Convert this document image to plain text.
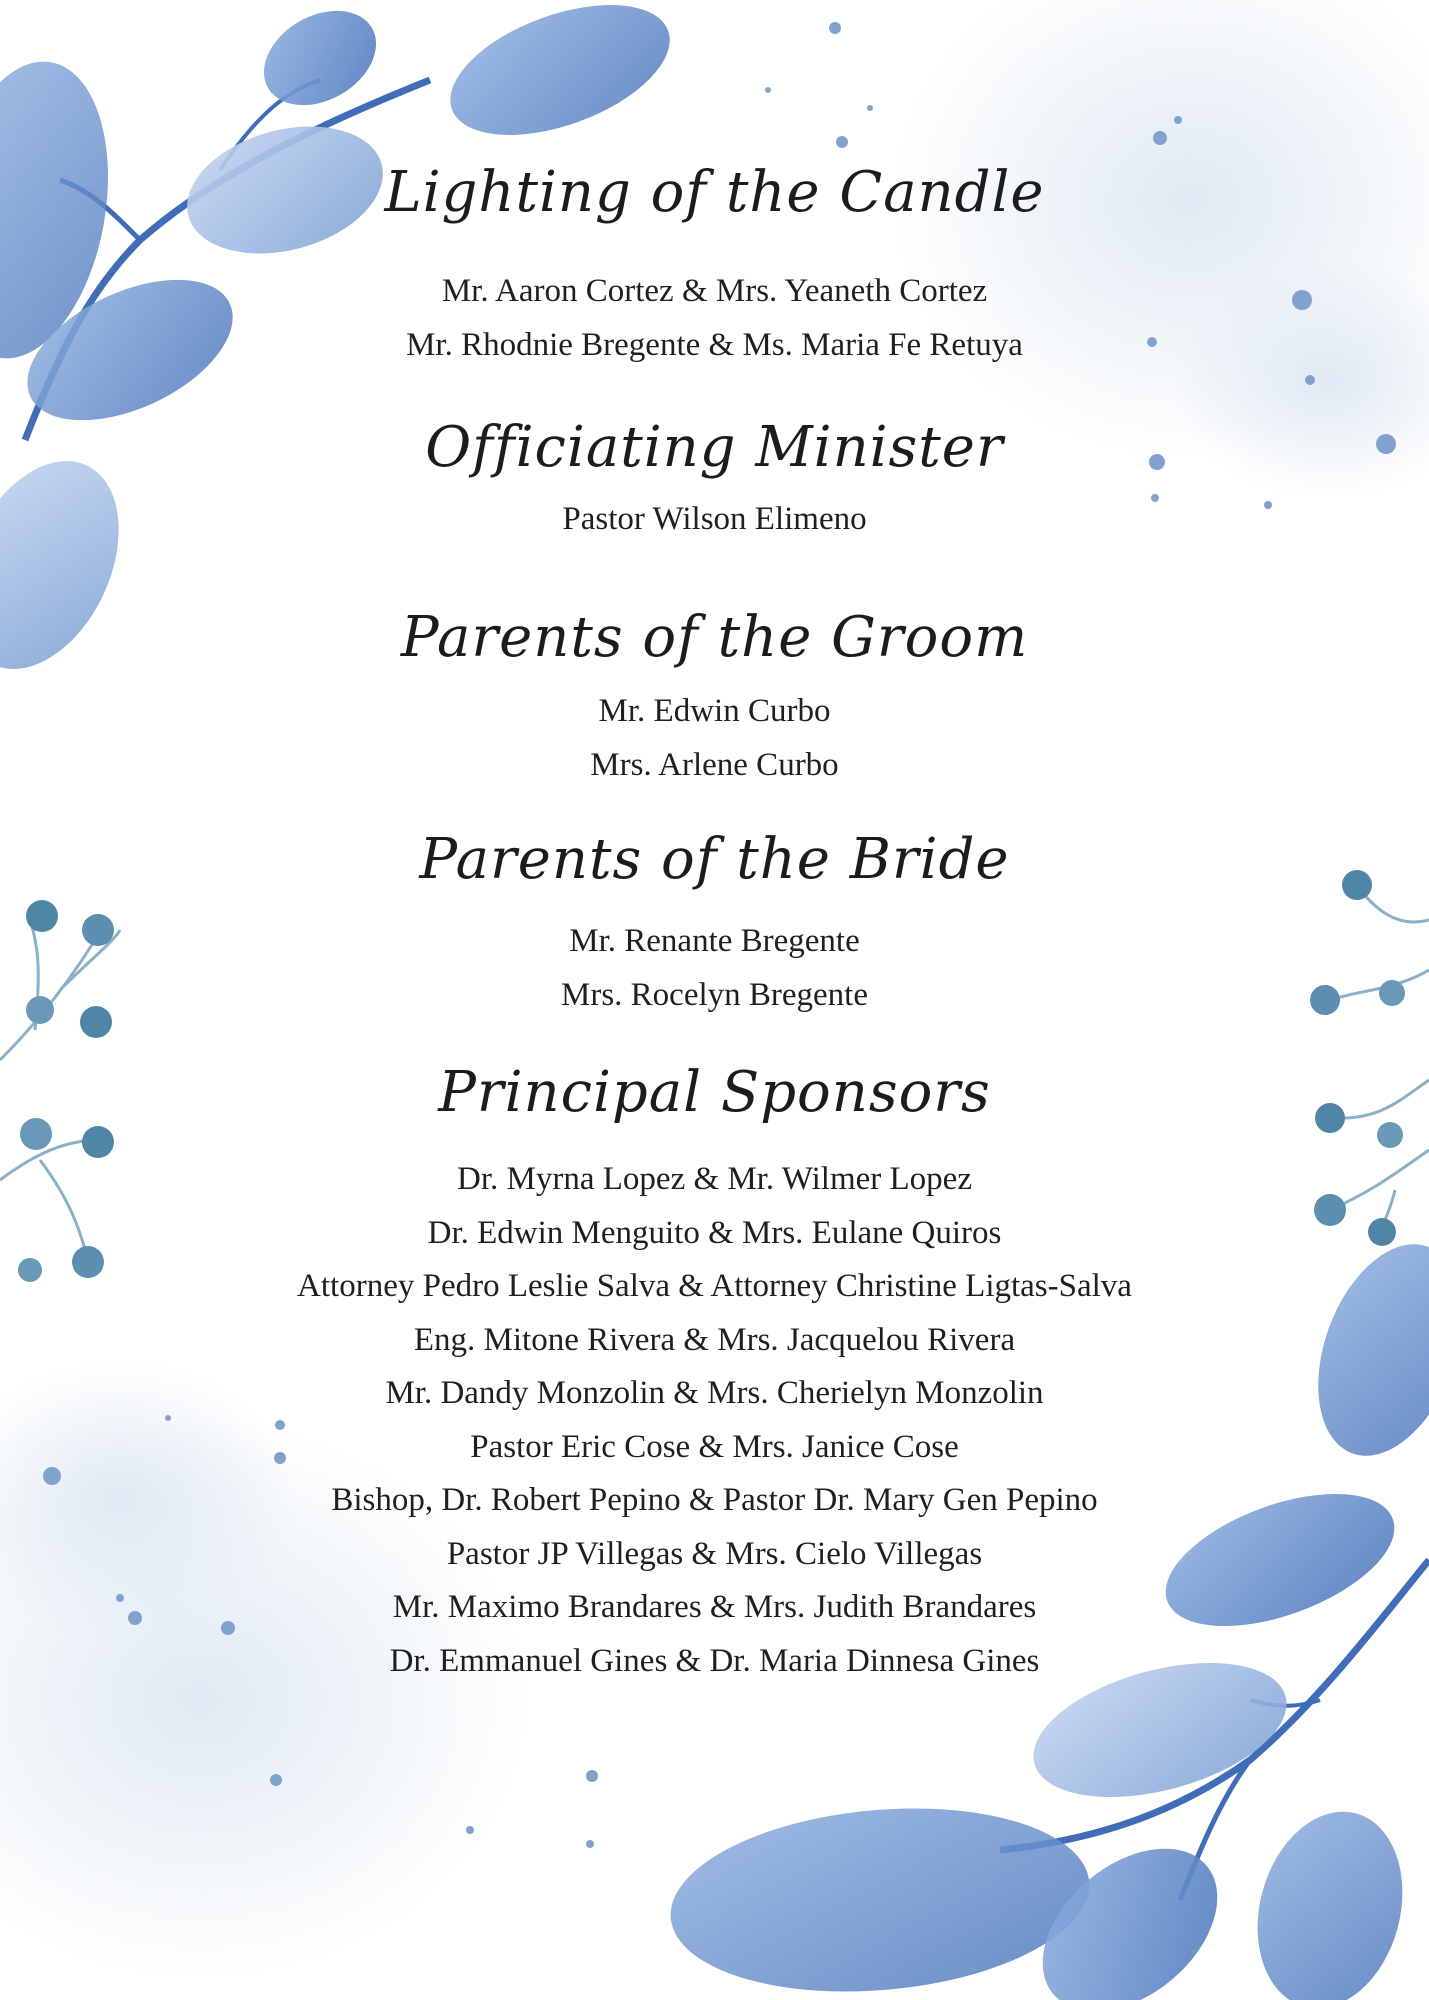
Lighting of the Candle
Mr. Aaron Cortez & Mrs. Yeaneth Cortez
Mr. Rhodnie Bregente & Ms. Maria Fe Retuya
Officiating Minister
Pastor Wilson Elimeno
Parents of the Groom
Mr. Edwin Curbo
Mrs. Arlene Curbo
Parents of the Bride
Mr. Renante Bregente
Mrs. Rocelyn Bregente
Principal Sponsors
Dr. Myrna Lopez & Mr. Wilmer Lopez
Dr. Edwin Menguito & Mrs. Eulane Quiros
Attorney Pedro Leslie Salva & Attorney Christine Ligtas-Salva
Eng. Mitone Rivera & Mrs. Jacquelou Rivera
Mr. Dandy Monzolin & Mrs. Cherielyn Monzolin
Pastor Eric Cose & Mrs. Janice Cose
Bishop, Dr. Robert Pepino & Pastor Dr. Mary Gen Pepino
Pastor JP Villegas & Mrs. Cielo Villegas
Mr. Maximo Brandares & Mrs. Judith Brandares
Dr. Emmanuel Gines & Dr. Maria Dinnesa Gines
